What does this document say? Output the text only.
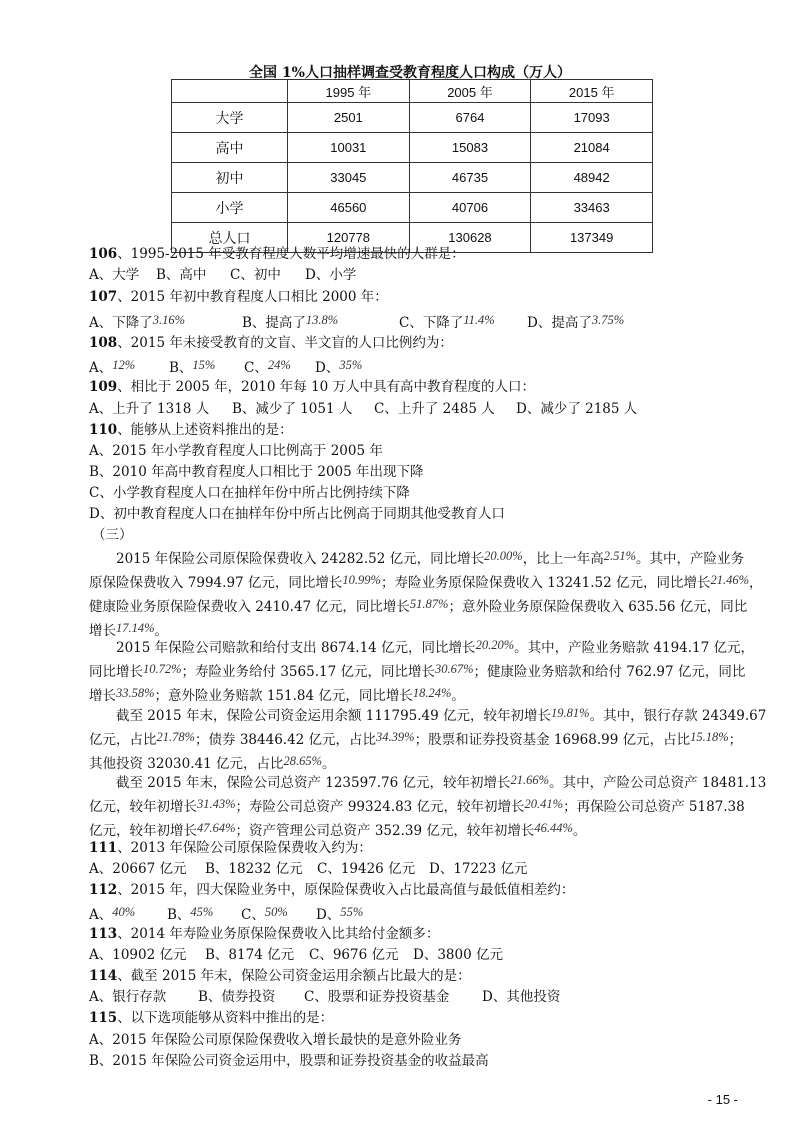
全国 1%人口抽样调查受教育程度人口构成（万人）
	1995 年	2005 年	2015 年
大学	2501	6764	17093
高中	10031	15083	21084
初中	33045	46735	48942
小学	46560	40706	33463
总人口	120778	130628	137349
106、1995-2015 年受教育程度人数平均增速最快的人群是：
A、大学 B、高中 C、初中 D、小学
107、2015 年初中教育程度人口相比 2000 年：
A、下降了3.16%	B、提高了13.8%	C、下降了11.4% D、提高了3.75%
108、2015 年未接受教育的文盲、半文盲的人口比例约为：
A、12%	B、15% C、24% D、35%
109、相比于 2005 年，2010 年每 10 万人中具有高中教育程度的人口：
A、上升了 1318 人 B、减少了 1051 人 C、上升了 2485 人 D、减少了 2185 人
110、能够从上述资料推出的是：
A、2015 年小学教育程度人口比例高于 2005 年
B、2010 年高中教育程度人口相比于 2005 年出现下降
C、小学教育程度人口在抽样年份中所占比例持续下降
D、初中教育程度人口在抽样年份中所占比例高于同期其他受教育人口
（三）
2015 年保险公司原保险保费收入 24282.52 亿元，同比增长20.00%，比上一年高2.51%。其中，产险业务
原保险保费收入 7994.97 亿元，同比增长10.99%；寿险业务原保险保费收入 13241.52 亿元，同比增长21.46%，
健康险业务原保险保费收入 2410.47 亿元，同比增长51.87%；意外险业务原保险保费收入 635.56 亿元，同比
增长17.14%。
2015 年保险公司赔款和给付支出 8674.14 亿元，同比增长20.20%。其中，产险业务赔款 4194.17 亿元，
同比增长10.72%；寿险业务给付 3565.17 亿元，同比增长30.67%；健康险业务赔款和给付 762.97 亿元，同比
增长33.58%；意外险业务赔款 151.84 亿元，同比增长18.24%。
截至 2015 年末，保险公司资金运用余额 111795.49 亿元，较年初增长19.81%。其中，银行存款 24349.67
亿元，占比21.78%；债券 38446.42 亿元，占比34.39%；股票和证券投资基金 16968.99 亿元，占比15.18%；
其他投资 32030.41 亿元，占比28.65%。
截至 2015 年末，保险公司总资产 123597.76 亿元，较年初增长21.66%。其中，产险公司总资产 18481.13
亿元，较年初增长31.43%；寿险公司总资产 99324.83 亿元，较年初增长20.41%；再保险公司总资产 5187.38
亿元，较年初增长47.64%；资产管理公司总资产 352.39 亿元，较年初增长46.44%。
111、2013 年保险公司原保险保费收入约为：
A、20667 亿元 B、18232 亿元 C、19426 亿元 D、17223 亿元
112、2015 年，四大保险业务中，原保险保费收入占比最高值与最低值相差约：
A、40% B、45% C、50% D、55%
113、2014 年寿险业务原保险保费收入比其给付金额多：
A、10902 亿元 B、8174 亿元 C、9676 亿元 D、3800 亿元
114、截至 2015 年末，保险公司资金运用余额占比最大的是：
A、银行存款 B、债券投资 C、股票和证券投资基金 D、其他投资
115、以下选项能够从资料中推出的是：
A、2015 年保险公司原保险保费收入增长最快的是意外险业务
B、2015 年保险公司资金运用中，股票和证券投资基金的收益最高
- 15 -
